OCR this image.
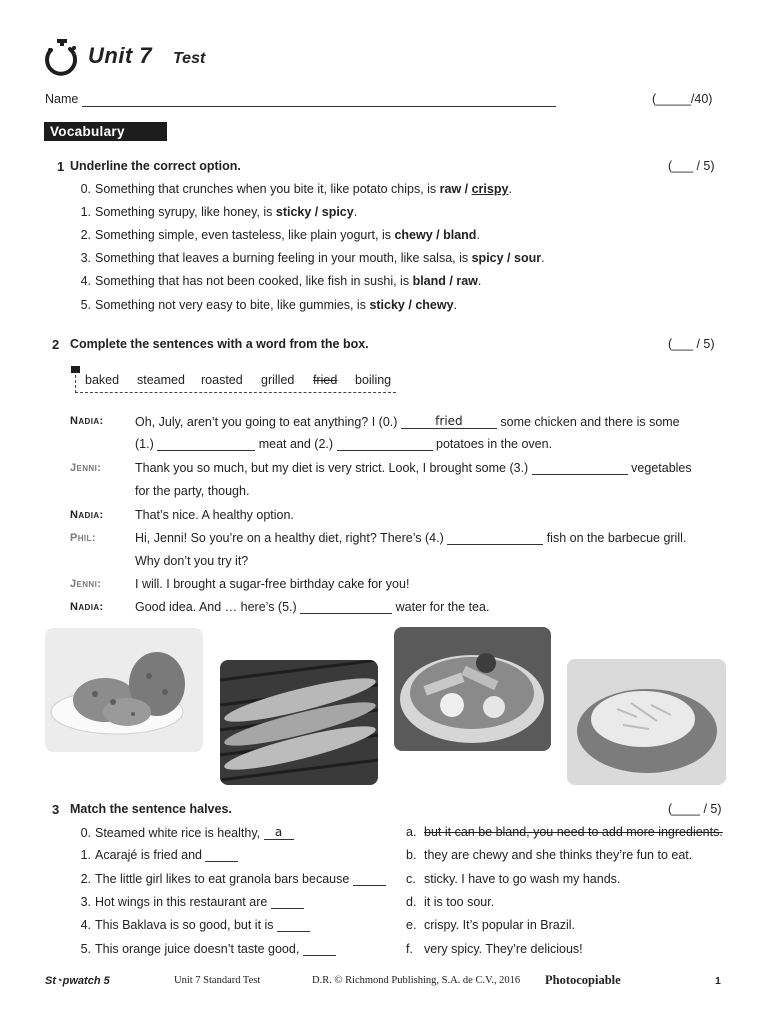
Unit 7 Test
Name	(_____/40)
Vocabulary
1 Underline the correct option.	(___ / 5)
0. Something that crunches when you bite it, like potato chips, is raw / crispy.
1. Something syrupy, like honey, is sticky / spicy.
2. Something simple, even tasteless, like plain yogurt, is chewy / bland.
3. Something that leaves a burning feeling in your mouth, like salsa, is spicy / sour.
4. Something that has not been cooked, like fish in sushi, is bland / raw.
5. Something not very easy to bite, like gummies, is sticky / chewy.
2 Complete the sentences with a word from the box.	(___ / 5)
baked steamed roasted grilled fried boiling
Nadia:	Oh, July, aren’t you going to eat anything? I (0.)	fried	some chicken and there is some
(1.)	meat and (2.)	potatoes in the oven.
Jenni:	Thank you so much, but my diet is very strict. Look, I brought some (3.)	vegetables
for the party, though.
Nadia:	That’s nice. A healthy option.
Phil:	Hi, Jenni! So you’re on a healthy diet, right? There’s (4.)	fish on the barbecue grill.
Why don’t you try it?
Jenni:	I will. I brought a sugar-free birthday cake for you!
Nadia:	Good idea. And … here’s (5.)	water for the tea.
3 Match the sentence halves.	(____ / 5)
0. Steamed white rice is healthy, a
1. Acarajé is fried and
2. The little girl likes to eat granola bars because
3. Hot wings in this restaurant are
4. This Baklava is so good, but it is
5. This orange juice doesn’t taste good,
a. but it can be bland, you need to add more ingredients.
b. they are chewy and she thinks they’re fun to eat.
c. sticky. I have to go wash my hands.
d. it is too sour.
e. crispy. It’s popular in Brazil.
f. very spicy. They’re delicious!
St◔pwatch 5	Unit 7 Standard Test	D.R. © Richmond Publishing, S.A. de C.V., 2016 Photocopiable	1
